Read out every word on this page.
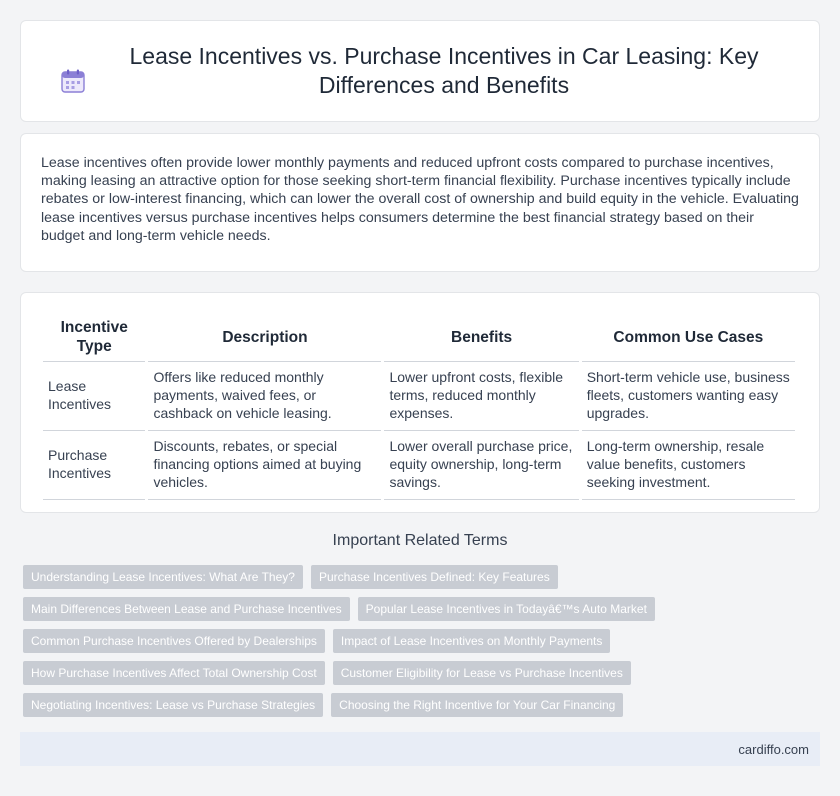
Lease Incentives vs. Purchase Incentives in Car Leasing: Key Differences and Benefits

Lease incentives often provide lower monthly payments and reduced upfront costs compared to purchase incentives, making leasing an attractive option for those seeking short-term financial flexibility. Purchase incentives typically include rebates or low-interest financing, which can lower the overall cost of ownership and build equity in the vehicle. Evaluating lease incentives versus purchase incentives helps consumers determine the best financial strategy based on their budget and long-term vehicle needs.

Incentive Type	Description	Benefits	Common Use Cases
Lease Incentives	Offers like reduced monthly payments, waived fees, or cashback on vehicle leasing.	Lower upfront costs, flexible terms, reduced monthly expenses.	Short-term vehicle use, business fleets, customers wanting easy upgrades.
Purchase Incentives	Discounts, rebates, or special financing options aimed at buying vehicles.	Lower overall purchase price, equity ownership, long-term savings.	Long-term ownership, resale value benefits, customers seeking investment.
Important Related Terms
Understanding Lease Incentives: What Are They?	Purchase Incentives Defined: Key Features
Main Differences Between Lease and Purchase Incentives	Popular Lease Incentives in Todayâ€™s Auto Market
Common Purchase Incentives Offered by Dealerships	Impact of Lease Incentives on Monthly Payments
How Purchase Incentives Affect Total Ownership Cost	Customer Eligibility for Lease vs Purchase Incentives
Negotiating Incentives: Lease vs Purchase Strategies	Choosing the Right Incentive for Your Car Financing
cardiffo.com
